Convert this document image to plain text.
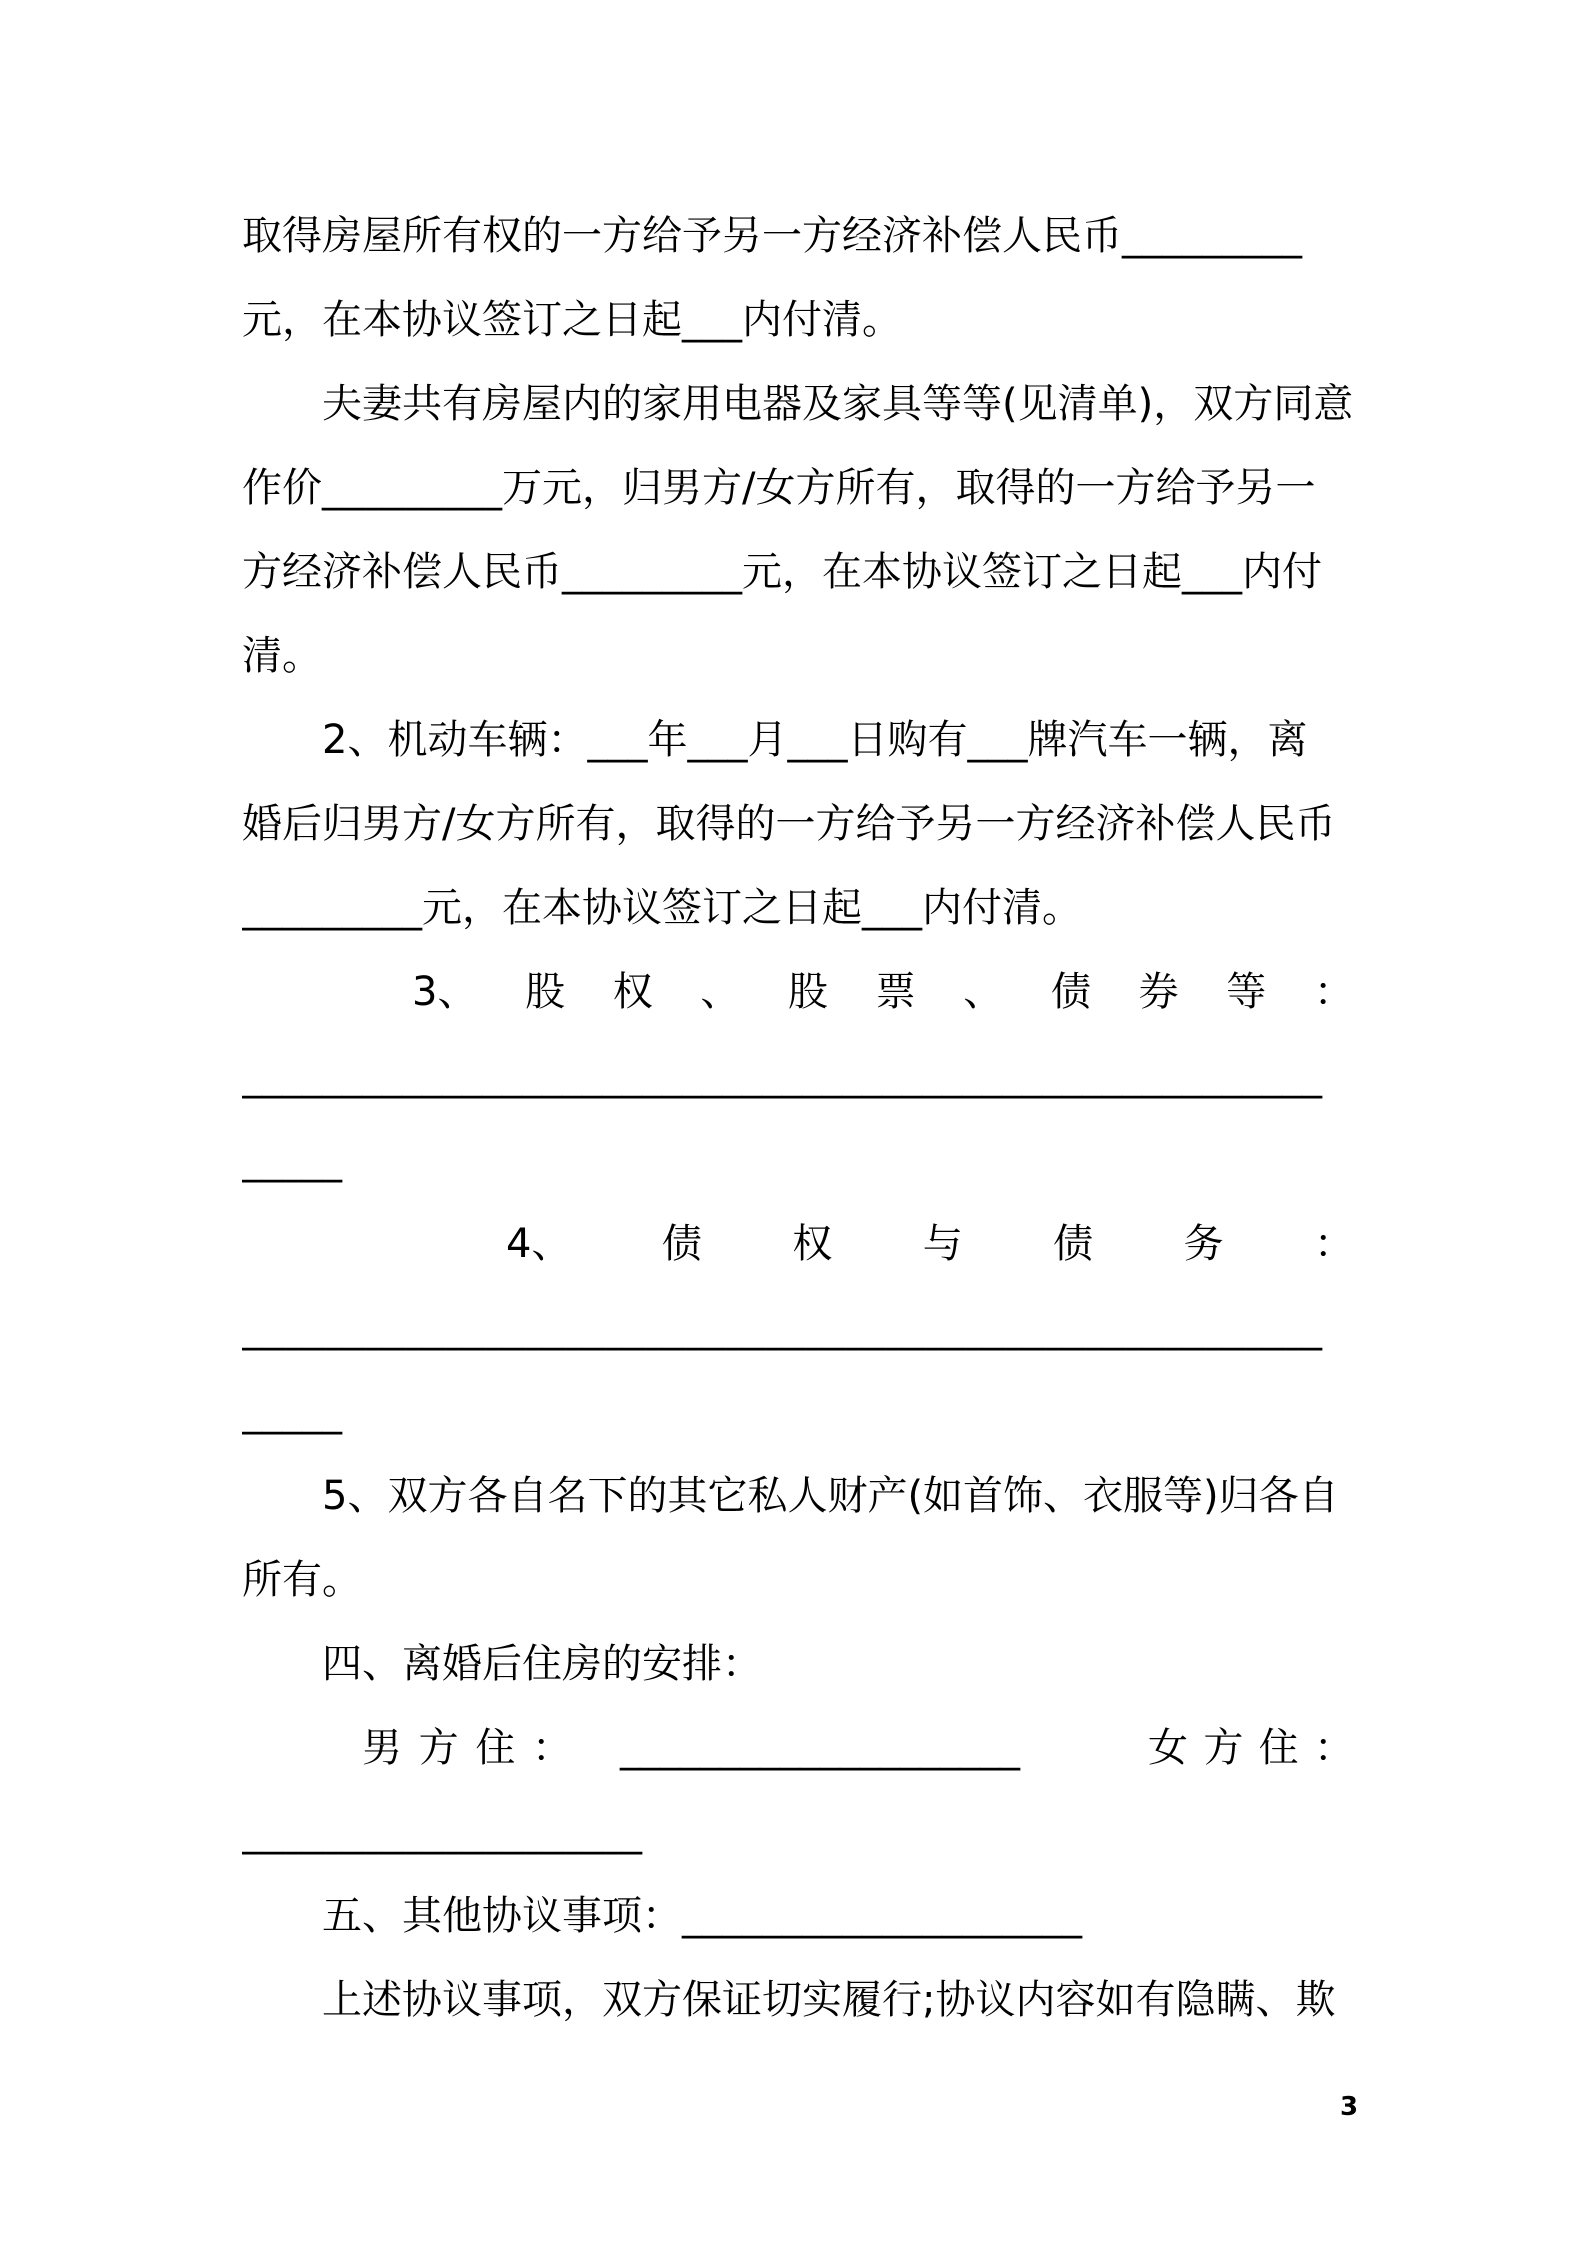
取得房屋所有权的一方给予另一方经济补偿人民币_________
元，在本协议签订之日起___内付清。
夫妻共有房屋内的家用电器及家具等等(见清单)，双方同意
作价_________万元，归男方/女方所有，取得的一方给予另一
方经济补偿人民币_________元，在本协议签订之日起___内付
清。
2、机动车辆：___年___月___日购有___牌汽车一辆，离
婚后归男方/女方所有，取得的一方给予另一方经济补偿人民币
_________元，在本协议签订之日起___内付清。
3、 股 权 、 股 票 、 债 券 等 ：
______________________________________________________
_____
4、 债 权 与 债 务 ：
______________________________________________________
_____
5、双方各自名下的其它私人财产(如首饰、衣服等)归各自
所有。
四、离婚后住房的安排：
男 方 住 ： ____________________	女 方 住 ：
____________________
五、其他协议事项：____________________
上述协议事项，双方保证切实履行;协议内容如有隐瞒、欺
3
